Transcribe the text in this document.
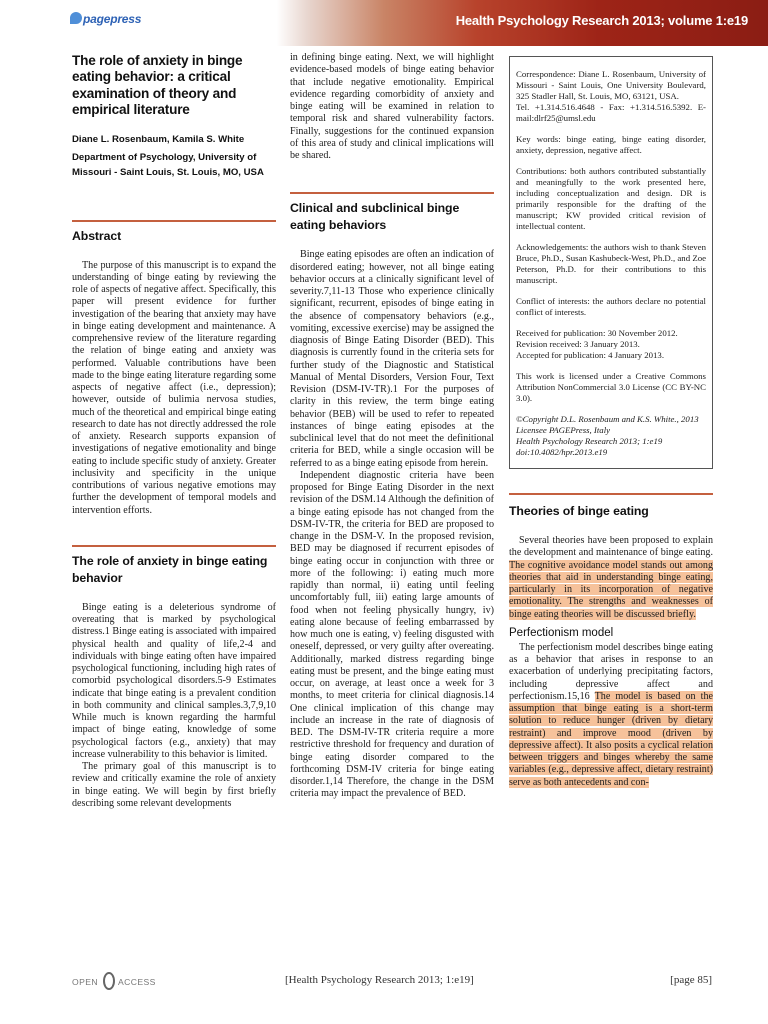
pagepress	Health Psychology Research 2013; volume 1:e19
The role of anxiety in binge eating behavior: a critical examination of theory and empirical literature
Diane L. Rosenbaum, Kamila S. White
Department of Psychology, University of Missouri - Saint Louis, St. Louis, MO, USA
Abstract

The purpose of this manuscript is to expand the understanding of binge eating by reviewing the role of aspects of negative affect. Specifically, this paper will present evidence for further investigation of the bearing that anxiety may have in binge eating development and maintenance. A comprehensive review of the literature regarding the relation of binge eating and anxiety was performed. Valuable contributions have been made to the binge eating literature regarding some aspects of negative affect (i.e., depression); however, outside of bulimia nervosa studies, much of the theoretical and empirical binge eating research to date has not directly addressed the role of anxiety. Research supports expansion of investigations of negative emotionality and binge eating to include specific study of anxiety. Greater inclusivity and specificity in the unique contributions of various negative emotions may further the development of temporal models and intervention efforts.

The role of anxiety in binge eating behavior

Binge eating is a deleterious syndrome of overeating that is marked by psychological distress.1 Binge eating is associated with impaired physical health and quality of life,2-4 and individuals with binge eating often have impaired psychological functioning, including high rates of comorbid psychological disorders.5-9 Estimates indicate that binge eating is a prevalent condition in both community and clinical samples.3,7,9,10 While much is known regarding the harmful impact of binge eating, knowledge of some psychological factors (e.g., anxiety) that may increase vulnerability to this behavior is limited.

The primary goal of this manuscript is to review and critically examine the role of anxiety in binge eating. We will begin by first briefly describing some relevant developments

in defining binge eating. Next, we will highlight evidence-based models of binge eating behavior that include negative emotionality. Empirical evidence regarding comorbidity of anxiety and binge eating will be examined in relation to temporal risk and shared vulnerability factors. Finally, suggestions for the continued expansion of this area of study and clinical implications will be shared.

Clinical and subclinical binge eating behaviors

Binge eating episodes are often an indication of disordered eating; however, not all binge eating behavior occurs at a clinically significant level of severity.7,11-13 Those who experience clinically significant, recurrent, episodes of binge eating in the absence of compensatory behaviors (e.g., vomiting, excessive exercise) may be assigned the diagnosis of Binge Eating Disorder (BED). This diagnosis is currently found in the criteria sets for further study of the Diagnostic and Statistical Manual of Mental Disorders, Version Four, Text Revision (DSM-IV-TR).1 For the purposes of clarity in this review, the term binge eating behavior (BEB) will be used to refer to repeated instances of binge eating episodes at the subclinical level that do not meet the definitional criteria for BED, while a single occasion will be referred to as a binge eating episode from herein.

Independent diagnostic criteria have been proposed for Binge Eating Disorder in the next revision of the DSM.14 Although the definition of a binge eating episode has not changed from the DSM-IV-TR, the criteria for BED are proposed to change in the DSM-V. In the proposed revision, BED may be diagnosed if recurrent episodes of binge eating occur in conjunction with three or more of the following: i) eating much more rapidly than normal, ii) eating until feeling uncomfortably full, iii) eating large amounts of food when not feeling physically hungry, iv) eating alone because of feeling embarrassed by how much one is eating, v) feeling disgusted with oneself, depressed, or very guilty after overeating. Additionally, marked distress regarding binge eating must be present, and the binge eating must occur, on average, at least once a week for 3 months, to meet criteria for clinical diagnosis.14 One clinical implication of this change may include an increase in the rate of diagnosis of BED. The DSM-IV-TR criteria require a more restrictive threshold for frequency and duration of binge eating disorder compared to the forthcoming DSM-IV criteria for binge eating disorder.1,14 Therefore, the change in the DSM criteria may impact the prevalence of BED.

Correspondence: Diane L. Rosenbaum, University of Missouri - Saint Louis, One University Boulevard, 325 Stadler Hall, St. Louis, MO, 63121, USA.

Tel. +1.314.516.4648 - Fax: +1.314.516.5392. E-mail:dlrf25@umsl.edu

Key words: binge eating, binge eating disorder, anxiety, depression, negative affect.

Contributions: both authors contributed substantially and meaningfully to the work presented here, including conceptualization and design. DR is primarily responsible for the drafting of the manuscript; KW provided critical revision of intellectual content.

Acknowledgements: the authors wish to thank Steven Bruce, Ph.D., Susan Kashubeck-West, Ph.D., and Zoe Peterson, Ph.D. for their contributions to this manuscript.

Conflict of interests: the authors declare no potential conflict of interests.

Received for publication: 30 November 2012.

Revision received: 3 January 2013.

Accepted for publication: 4 January 2013.

This work is licensed under a Creative Commons Attribution NonCommercial 3.0 License (CC BY-NC 3.0).

©Copyright D.L. Rosenbaum and K.S. White., 2013

Licensee PAGEPress, Italy

Health Psychology Research 2013; 1:e19

doi:10.4082/hpr.2013.e19

Theories of binge eating

Several theories have been proposed to explain the development and maintenance of binge eating. The cognitive avoidance model stands out among theories that aid in understanding binge eating, particularly in its incorporation of negative emotionality. The strengths and weaknesses of binge eating theories will be discussed briefly.

Perfectionism model

The perfectionism model describes binge eating as a behavior that arises in response to an exacerbation of underlying precipitating factors, including depressive affect and perfectionism.15,16 The model is based on the assumption that binge eating is a short-term solution to reduce hunger (driven by dietary restraint) and improve mood (driven by depressive affect). It also posits a cyclical relation between triggers and binges whereby the same variables (e.g., depressive affect, dietary restraint) serve as both antecedents and con-

OPEN ACCESS	[Health Psychology Research 2013; 1:e19]	[page 85]
